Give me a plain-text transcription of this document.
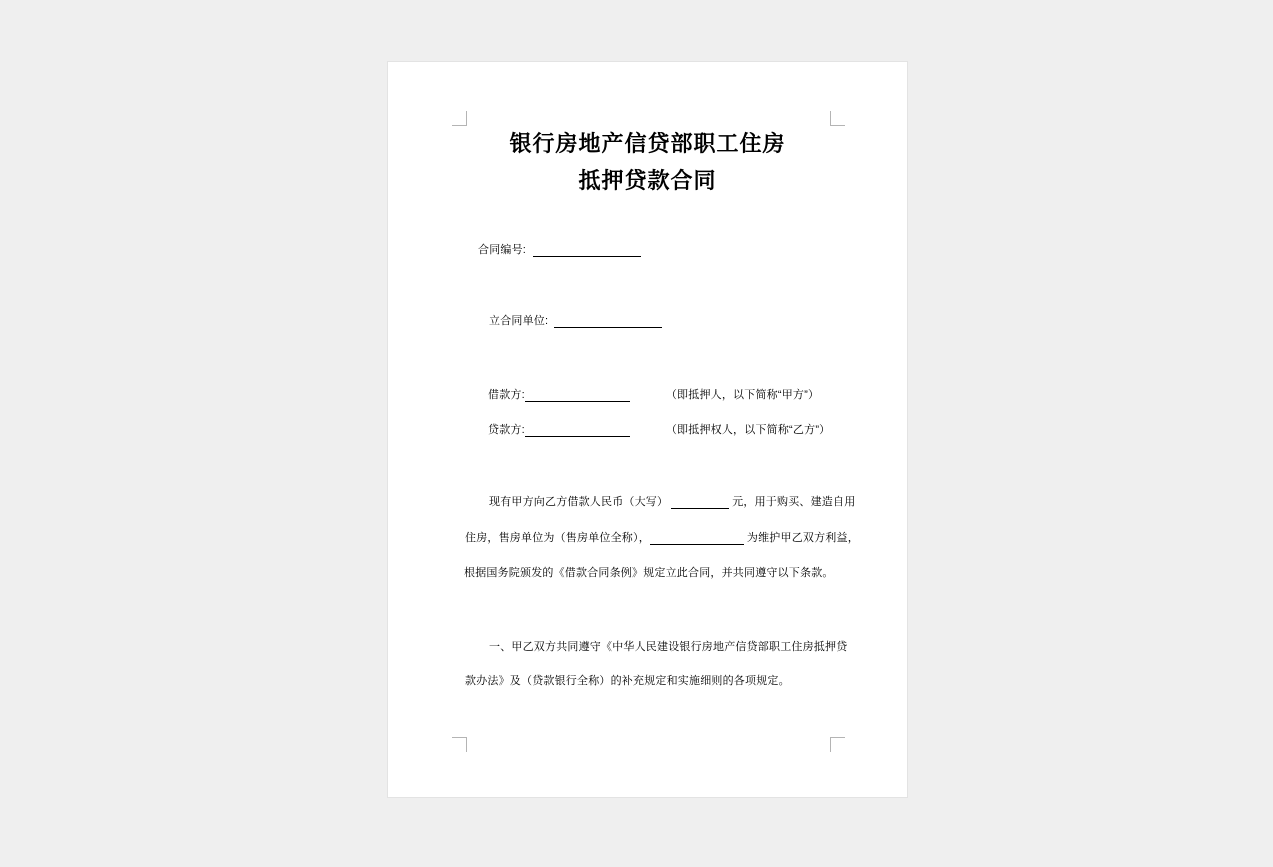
银行房地产信贷部职工住房
抵押贷款合同
合同编号:
立合同单位:
借款方:	（即抵押人，以下简称“甲方”）
贷款方:	（即抵押权人，以下简称“乙方”）
现有甲方向乙方借款人民币（大写）	元，用于购买、建造自用
住房，售房单位为（售房单位全称），	为维护甲乙双方利益，
根据国务院颁发的《借款合同条例》规定立此合同，并共同遵守以下条款。
一、甲乙双方共同遵守《中华人民建设银行房地产信贷部职工住房抵押贷
款办法》及（贷款银行全称）的补充规定和实施细则的各项规定。
